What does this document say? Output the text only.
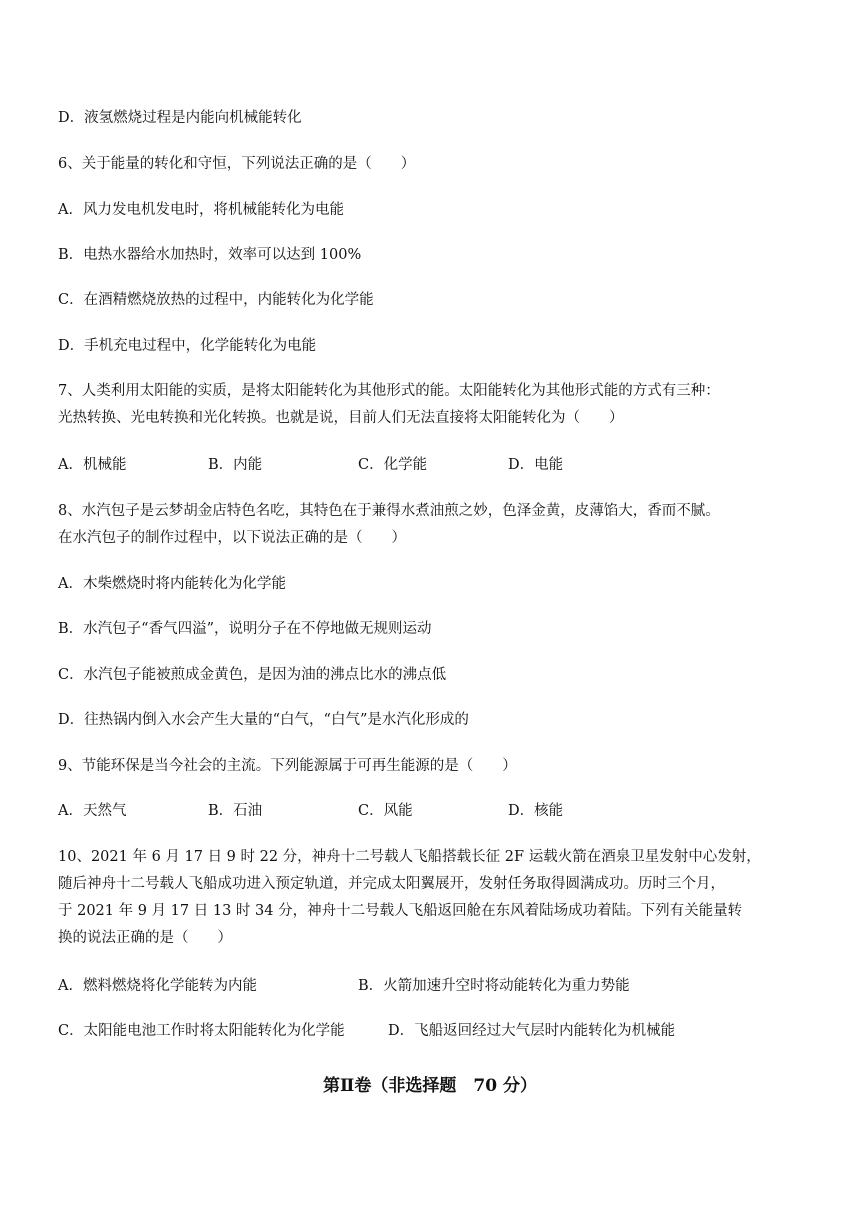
D．液氢燃烧过程是内能向机械能转化
6、关于能量的转化和守恒，下列说法正确的是（　　）
A．风力发电机发电时，将机械能转化为电能
B．电热水器给水加热时，效率可以达到 100%
C．在酒精燃烧放热的过程中，内能转化为化学能
D．手机充电过程中，化学能转化为电能
7、人类利用太阳能的实质，是将太阳能转化为其他形式的能。太阳能转化为其他形式能的方式有三种：
光热转换、光电转换和光化转换。也就是说，目前人们无法直接将太阳能转化为（　　）
A．机械能	B．内能	C．化学能	D．电能
8、水汽包子是云梦胡金店特色名吃，其特色在于兼得水煮油煎之妙，色泽金黄，皮薄馅大，香而不腻。
在水汽包子的制作过程中，以下说法正确的是（　　）
A．木柴燃烧时将内能转化为化学能
B．水汽包子“香气四溢”，说明分子在不停地做无规则运动
C．水汽包子能被煎成金黄色，是因为油的沸点比水的沸点低
D．往热锅内倒入水会产生大量的“白气，“白气”是水汽化形成的
9、节能环保是当今社会的主流。下列能源属于可再生能源的是（　　）
A．天然气	B．石油	C．风能	D．核能
10、2021 年 6 月 17 日 9 时 22 分，神舟十二号载人飞船搭载长征 2F 运载火箭在酒泉卫星发射中心发射，
随后神舟十二号载人飞船成功进入预定轨道，并完成太阳翼展开，发射任务取得圆满成功。历时三个月，
于 2021 年 9 月 17 日 13 时 34 分，神舟十二号载人飞船返回舱在东风着陆场成功着陆。下列有关能量转
换的说法正确的是（　　）
A．燃料燃烧将化学能转为内能	B．火箭加速升空时将动能转化为重力势能
C．太阳能电池工作时将太阳能转化为化学能	D．飞船返回经过大气层时内能转化为机械能
第Ⅱ卷（非选择题　70 分）
